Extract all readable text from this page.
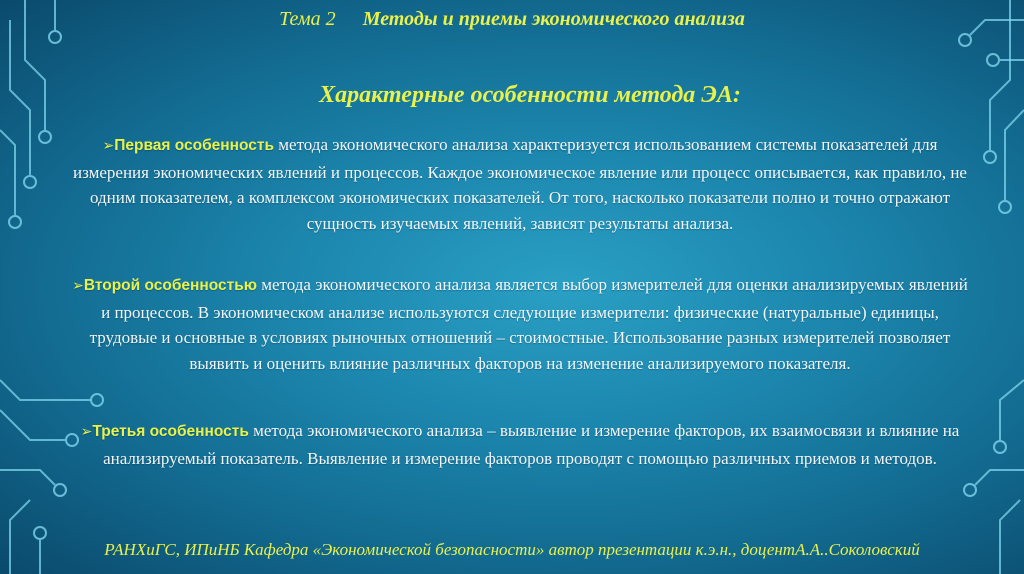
Тема 2 Методы и приемы экономического анализа
Характерные особенности метода ЭА:
➢Первая особенность метода экономического анализа характеризуется использованием системы показателей для измерения экономических явлений и процессов. Каждое экономическое явление или процесс описывается, как правило, не одним показателем, а комплексом экономических показателей. От того, насколько показатели полно и точно отражают сущность изучаемых явлений, зависят результаты анализа.
➢Второй особенностью метода экономического анализа является выбор измерителей для оценки анализируемых явлений и процессов. В экономическом анализе используются следующие измерители: физические (натуральные) единицы, трудовые и основные в условиях рыночных отношений – стоимостные. Использование разных измерителей позволяет выявить и оценить влияние различных факторов на изменение анализируемого показателя.
➢Третья особенность метода экономического анализа – выявление и измерение факторов, их взаимосвязи и влияние на анализируемый показатель. Выявление и измерение факторов проводят с помощью различных приемов и методов.
РАНХиГС, ИПиНБ Кафедра «Экономической безопасности» автор презентации к.э.н., доцентА.А..Соколовский
